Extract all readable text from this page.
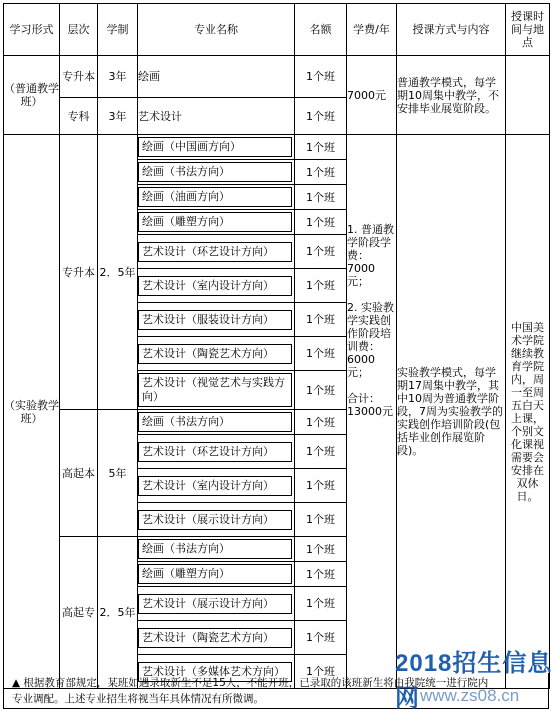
学习形式	层次	学制	专业名称	名额	学费/年	授课方式与内容	授课时间与地点
（普通教学班）	专升本	3年	绘画	1个班	7000元	普通教学模式，每学期10周集中教学，不安排毕业展览阶段。	
	专科	3年	艺术设计	1个班			
（实验教学班）	专升本	2．5年	绘画（中国画方向）	1个班	1. 普通教学阶段学费：7000元；

2. 实验教学实践创作阶段培训费：6000元；

合计：13000元	实验教学模式，每学期17周集中教学，其中10周为普通教学阶段，7周为实验教学的实践创作培训阶段(包括毕业创作展览阶段)。	中国美术学院继续教育学院内，周一至周五白天上课，个别文化课视需要会安排在双休日。

			绘画（书法方向）	1个班			

			绘画（油画方向）	1个班			

			绘画（雕塑方向）	1个班			

			艺术设计（环艺设计方向）	1个班			

			艺术设计（室内设计方向）	1个班			

			艺术设计（服装设计方向）	1个班			

			艺术设计（陶瓷艺术方向）	1个班			

			艺术设计（视觉艺术与实践方向）	1个班			
	高起本	5年	绘画（书法方向）	1个班			

			艺术设计（环艺设计方向）	1个班			

			艺术设计（室内设计方向）	1个班			

			艺术设计（展示设计方向）	1个班			
	高起专	2．5年	绘画（书法方向）	1个班			

			绘画（雕塑方向）	1个班			

			艺术设计（展示设计方向）	1个班			

			艺术设计（陶瓷艺术方向）	1个班			

			艺术设计（多媒体艺术方向）	1个班			
▲ 根据教育部规定，某班如遇录取新生不足15人，不能开班，已录取的该班新生将由我院统一进行院内
专业调配。上述专业招生将视当年具体情况有所微调。
2018招生信息网 www.zs08.cn
